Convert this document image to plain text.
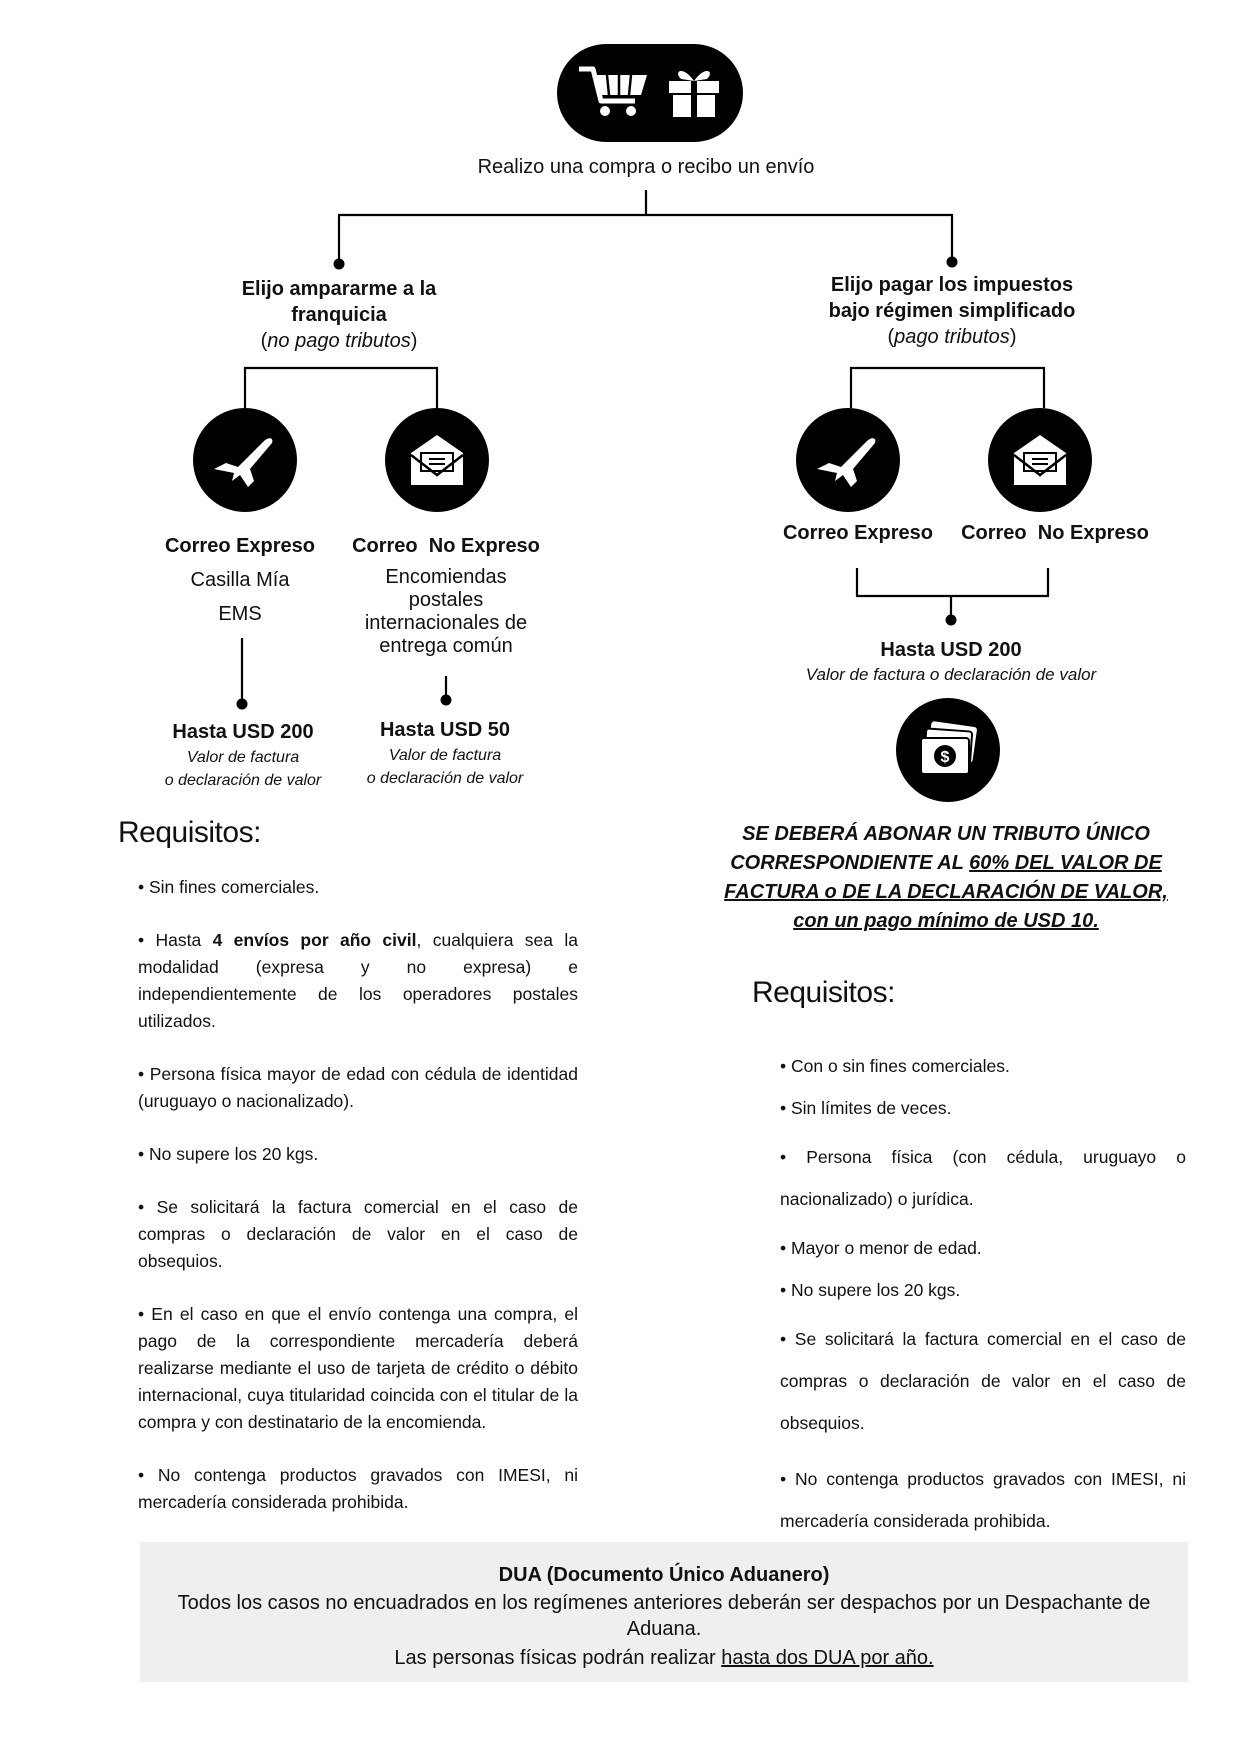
Realizo una compra o recibo un envío
Elijo ampararme a la franquicia
(no pago tributos)
Elijo pagar los impuestos bajo régimen simplificado
(pago tributos)
Correo Expreso
Casilla Mía
EMS
Correo  No Expreso
Encomiendas postales internacionales de entrega común
Hasta USD 200
Valor de factura
o declaración de valor
Hasta USD 50
Valor de factura
o declaración de valor
Correo Expreso	Correo  No Expreso
Hasta USD 200
Valor de factura o declaración de valor
$
SE DEBERÁ ABONAR UN TRIBUTO ÚNICO CORRESPONDIENTE AL 60% DEL VALOR DE FACTURA o DE LA DECLARACIÓN DE VALOR, con un pago mínimo de USD 10.
Requisitos:

• Sin fines comerciales.

• Hasta 4 envíos por año civil, cualquiera sea la modalidad (expresa y no expresa) e independientemente de los operadores postales utilizados.

• Persona física mayor de edad con cédula de identidad (uruguayo o nacionalizado).

• No supere los 20 kgs.

• Se solicitará la factura comercial en el caso de compras o declaración de valor en el caso de obsequios.

• En el caso en que el envío contenga una compra, el pago de la correspondiente mercadería deberá realizarse mediante el uso de tarjeta de crédito o débito internacional, cuya titularidad coincida con el titular de la compra y con destinatario de la encomienda.

• No contenga productos gravados con IMESI, ni mercadería considerada prohibida.

Requisitos:

• Con o sin fines comerciales.

• Sin límites de veces.

• Persona física (con cédula, uruguayo o nacionalizado) o jurídica.

• Mayor o menor de edad.

• No supere los 20 kgs.

• Se solicitará la factura comercial en el caso de compras o declaración de valor en el caso de obsequios.

• No contenga productos gravados con IMESI, ni mercadería considerada prohibida.

DUA (Documento Único Aduanero)
Todos los casos no encuadrados en los regímenes anteriores deberán ser despachos por un Despachante de Aduana.
Las personas físicas podrán realizar hasta dos DUA por año.
